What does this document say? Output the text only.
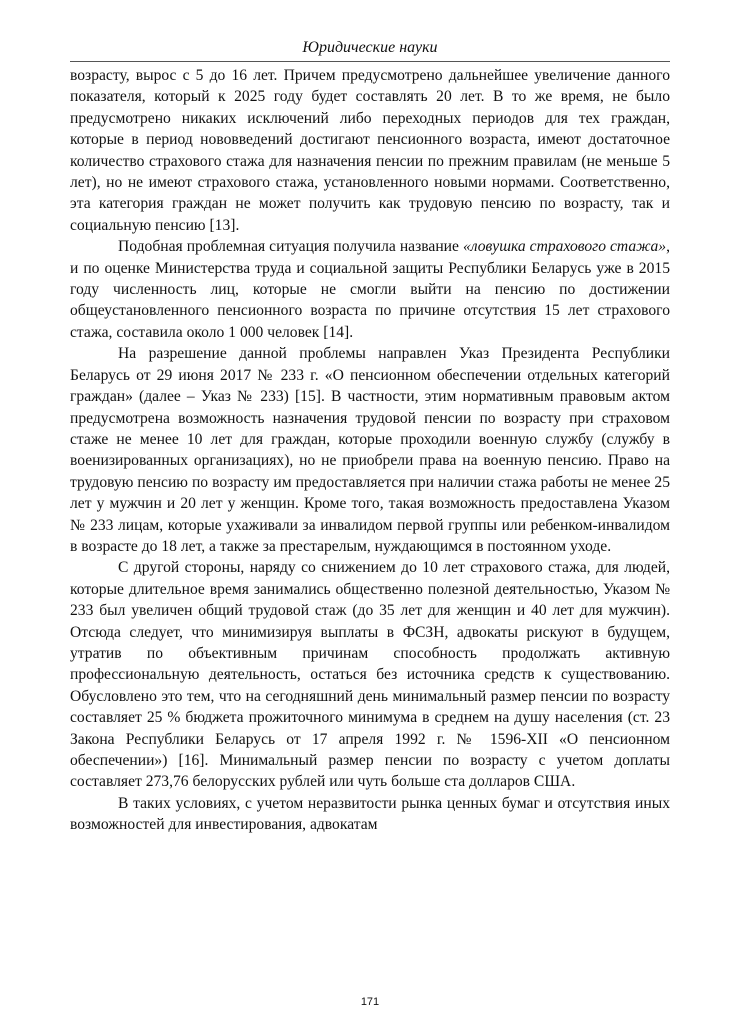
Юридические науки

возрасту, вырос с 5 до 16 лет. Причем предусмотрено дальнейшее увеличение данного показателя, который к 2025 году будет составлять 20 лет. В то же время, не было предусмотрено никаких исключений либо переходных периодов для тех граждан, которые в период нововведений достигают пенсионного возраста, имеют достаточное количество страхового стажа для назначения пенсии по прежним правилам (не меньше 5 лет), но не имеют страхового стажа, установленного новыми нормами. Соответственно, эта категория граждан не может получить как трудовую пенсию по возрасту, так и социальную пенсию [13].

Подобная проблемная ситуация получила название «ловушка страхового стажа», и по оценке Министерства труда и социальной защиты Республики Беларусь уже в 2015 году численность лиц, которые не смогли выйти на пенсию по достижении общеустановленного пенсионного возраста по причине отсутствия 15 лет страхового стажа, составила около 1 000 человек [14].

На разрешение данной проблемы направлен Указ Президента Республики Беларусь от 29 июня 2017 № 233 г. «О пенсионном обеспечении отдельных категорий граждан» (далее – Указ № 233) [15]. В частности, этим нормативным правовым актом предусмотрена возможность назначения трудовой пенсии по возрасту при страховом стаже не менее 10 лет для граждан, которые проходили военную службу (службу в военизированных организациях), но не приобрели права на военную пенсию. Право на трудовую пенсию по возрасту им предоставляется при наличии стажа работы не менее 25 лет у мужчин и 20 лет у женщин. Кроме того, такая возможность предоставлена Указом № 233 лицам, которые ухаживали за инвалидом первой группы или ребенком-инвалидом в возрасте до 18 лет, а также за престарелым, нуждающимся в постоянном уходе.

С другой стороны, наряду со снижением до 10 лет страхового стажа, для людей, которые длительное время занимались общественно полезной деятельностью, Указом № 233 был увеличен общий трудовой стаж (до 35 лет для женщин и 40 лет для мужчин). Отсюда следует, что минимизируя выплаты в ФСЗН, адвокаты рискуют в будущем, утратив по объективным причинам способность продолжать активную профессиональную деятельность, остаться без источника средств к существованию. Обусловлено это тем, что на сегодняшний день минимальный размер пенсии по возрасту составляет 25 % бюджета прожиточного минимума в среднем на душу населения (ст. 23 Закона Республики Беларусь от 17 апреля 1992 г. № 1596-XII «О пенсионном обеспечении») [16]. Минимальный размер пенсии по возрасту с учетом доплаты составляет 273,76 белорусских рублей или чуть больше ста долларов США.

В таких условиях, с учетом неразвитости рынка ценных бумаг и отсутствия иных возможностей для инвестирования, адвокатам

171
